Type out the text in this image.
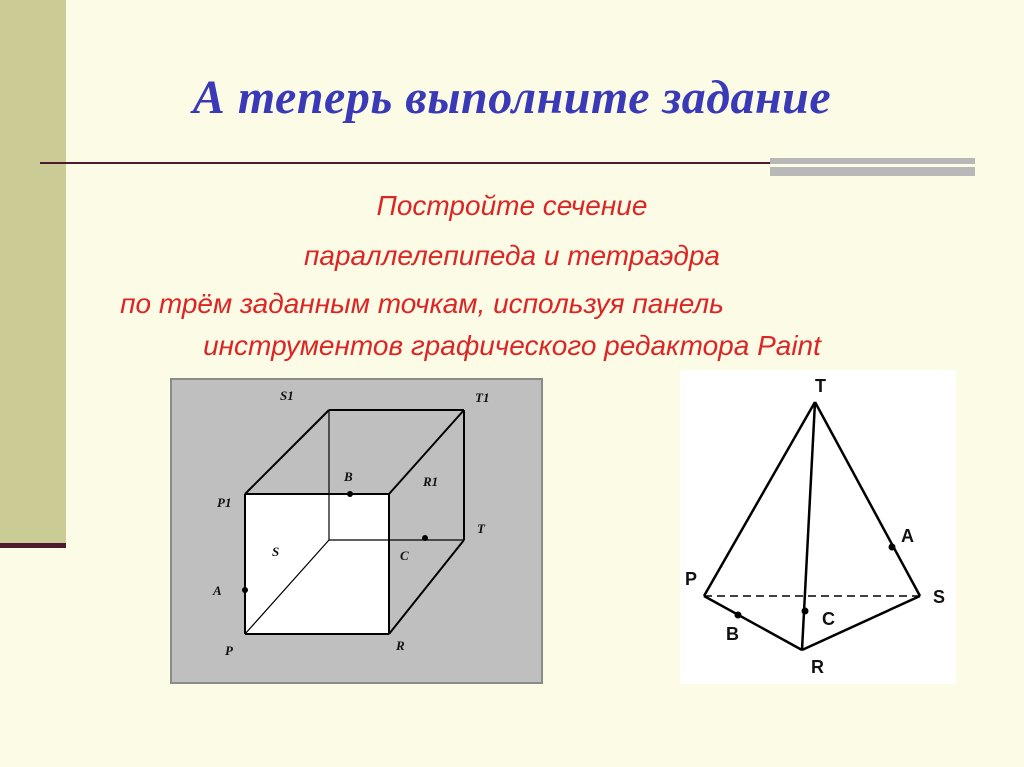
А теперь выполните задание
Постройте сечение
параллелепипеда и тетраэдра
по трём заданным точкам, используя панель
инструментов графического редактора Paint
S1	T1
B	R1
P1
T
S	C
A
P	R
T
A
P
S
C
B
R
